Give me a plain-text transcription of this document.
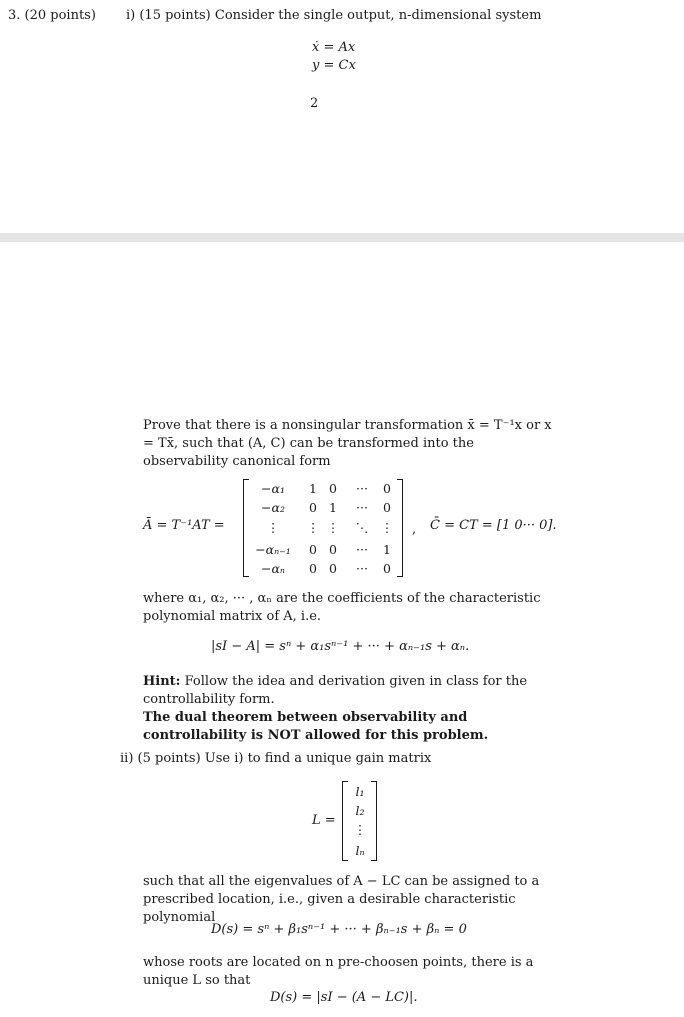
3. (20 points) i) (15 points) Consider the single output, n-dimensional system
ẋ = Ax
y = Cx
2
Prove that there is a nonsingular transformation x̄ = T⁻¹x or x = Tx̄, such that (A, C) can be transformed into the observability canonical form
Ā = T⁻¹AT =
−α₁
−α₂
⋮
−αₙ₋₁
−αₙ
1
0
⋮
0
0
0
1
⋮
0
0
···
···
⋱
···
···
0
0
⋮
1
0
, C̄ = CT = [1 0··· 0].
where α₁, α₂, ··· , αₙ are the coefficients of the characteristic polynomial matrix of A, i.e.
|sI − A| = sⁿ + α₁sⁿ⁻¹ + ··· + αₙ₋₁s + αₙ.
Hint: Follow the idea and derivation given in class for the controllability form.
The dual theorem between observability and controllability is NOT allowed for this problem.
ii) (5 points) Use i) to find a unique gain matrix
L =
l₁
l₂
⋮
lₙ
such that all the eigenvalues of A − LC can be assigned to a prescribed location, i.e., given a desirable characteristic polynomial
D(s) = sⁿ + β₁sⁿ⁻¹ + ··· + βₙ₋₁s + βₙ = 0
whose roots are located on n pre-choosen points, there is a unique L so that
D(s) = |sI − (A − LC)|.
